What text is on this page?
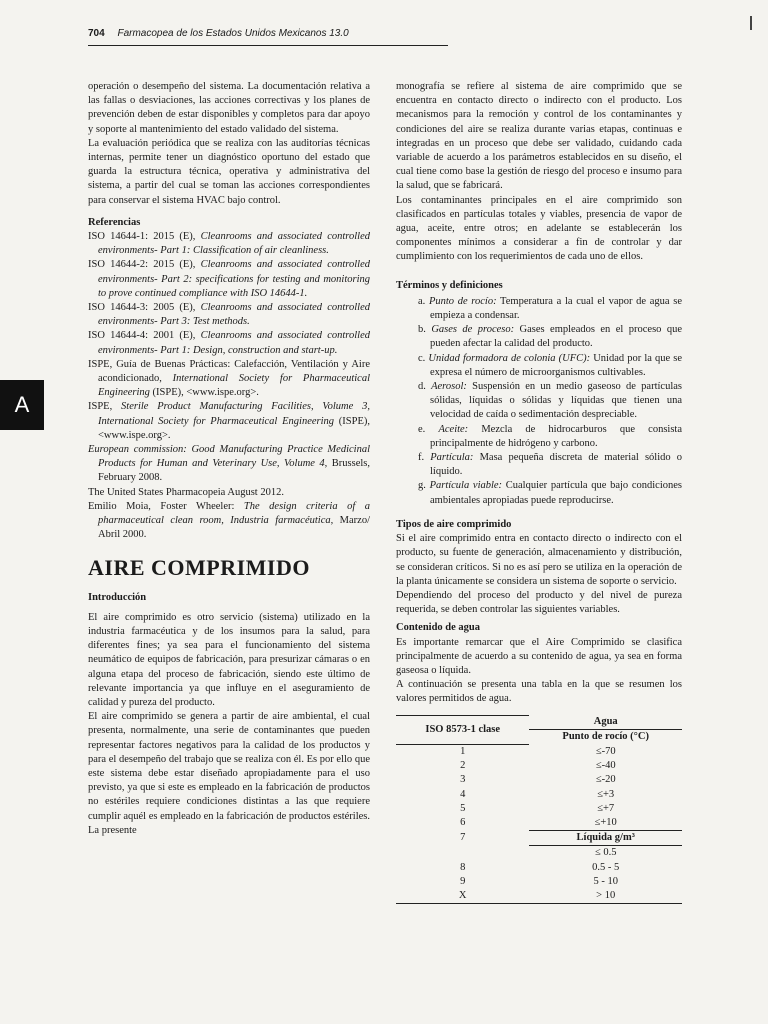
704 Farmacopea de los Estados Unidos Mexicanos 13.0
A

operación o desempeño del sistema. La documentación relativa a las fallas o desviaciones, las acciones correctivas y los planes de prevención deben de estar disponibles y completos para dar apoyo y soporte al mantenimiento del estado validado del sistema.

La evaluación periódica que se realiza con las auditorías técnicas internas, permite tener un diagnóstico oportuno del estado que guarda la estructura técnica, operativa y administrativa del sistema, a partir del cual se toman las acciones correspondientes para conservar el sistema HVAC bajo control.

Referencias

ISO 14644-1: 2015 (E), Cleanrooms and associated controlled environments- Part 1: Classification of air cleanliness.

ISO 14644-2: 2015 (E), Cleanrooms and associated controlled environments- Part 2: specifications for testing and monitoring to prove continued compliance with ISO 14644-1.

ISO 14644-3: 2005 (E), Cleanrooms and associated controlled environments- Part 3: Test methods.

ISO 14644-4: 2001 (E), Cleanrooms and associated controlled environments- Part 1: Design, construction and start-up.

ISPE, Guía de Buenas Prácticas: Calefacción, Ventilación y Aire acondicionado, International Society for Pharmaceutical Engineering (ISPE), <www.ispe.org>.

ISPE, Sterile Product Manufacturing Facilities, Volume 3, International Society for Pharmaceutical Engineering (ISPE), <www.ispe.org>.

European commission: Good Manufacturing Practice Medicinal Products for Human and Veterinary Use, Volume 4, Brussels, February 2008.

The United States Pharmacopeia August 2012.

Emilio Moia, Foster Wheeler: The design criteria of a pharmaceutical clean room, Industria farmacéutica, Marzo/ Abril 2000.

AIRE COMPRIMIDO

Introducción

El aire comprimido es otro servicio (sistema) utilizado en la industria farmacéutica y de los insumos para la salud, para diferentes fines; ya sea para el funcionamiento del sistema neumático de equipos de fabricación, para presurizar cámaras o en alguna etapa del proceso de fabricación, siendo este último de relevante importancia ya que influye en el aseguramiento de calidad y pureza del producto.

El aire comprimido se genera a partir de aire ambiental, el cual presenta, normalmente, una serie de contaminantes que pueden representar factores negativos para la calidad de los productos y para el desempeño del trabajo que se realiza con él. Es por ello que este sistema debe estar diseñado apropiadamente para el uso previsto, ya que si este es empleado en la fabricación de productos no estériles requiere condiciones distintas a las que requiere cumplir aquél es empleado en la fabricación de productos estériles. La presente

monografía se refiere al sistema de aire comprimido que se encuentra en contacto directo o indirecto con el producto. Los mecanismos para la remoción y control de los contaminantes y condiciones del aire se realiza durante varias etapas, continuas e integradas en un proceso que debe ser validado, cuidando cada variable de acuerdo a los parámetros establecidos en su diseño, el cual tiene como base la gestión de riesgo del proceso e insumo para la salud, que se fabricará.

Los contaminantes principales en el aire comprimido son clasificados en partículas totales y viables, presencia de vapor de agua, aceite, entre otros; en adelante se establecerán los componentes mínimos a considerar a fin de controlar y dar cumplimiento con los requerimientos de cada uno de ellos.

Términos y definiciones

a. Punto de rocío: Temperatura a la cual el vapor de agua se empieza a condensar.
b. Gases de proceso: Gases empleados en el proceso que pueden afectar la calidad del producto.
c. Unidad formadora de colonia (UFC): Unidad por la que se expresa el número de microorganismos cultivables.
d. Aerosol: Suspensión en un medio gaseoso de partículas sólidas, líquidas o sólidas y líquidas que tienen una velocidad de caída o sedimentación despreciable.
e. Aceite: Mezcla de hidrocarburos que consista principalmente de hidrógeno y carbono.
f. Partícula: Masa pequeña discreta de material sólido o líquido.
g. Partícula viable: Cualquier partícula que bajo condiciones ambientales apropiadas puede reproducirse.

Tipos de aire comprimido

Si el aire comprimido entra en contacto directo o indirecto con el producto, su fuente de generación, almacenamiento y distribución, se consideran críticos. Si no es así pero se utiliza en la operación de la planta únicamente se considera un sistema de soporte o servicio.

Dependiendo del proceso del producto y del nivel de pureza requerida, se deben controlar las siguientes variables.

Contenido de agua

Es importante remarcar que el Aire Comprimido se clasifica principalmente de acuerdo a su contenido de agua, ya sea en forma gaseosa o líquida.

A continuación se presenta una tabla en la que se resumen los valores permitidos de agua.

ISO 8573-1 clase	Agua
	Punto de rocío (°C)
1	≤-70
2	≤-40
3	≤-20
4	≤+3
5	≤+7
6	≤+10
7	Líquida g/m³
	≤ 0.5
8	0.5 - 5
9	5 - 10
X	> 10
